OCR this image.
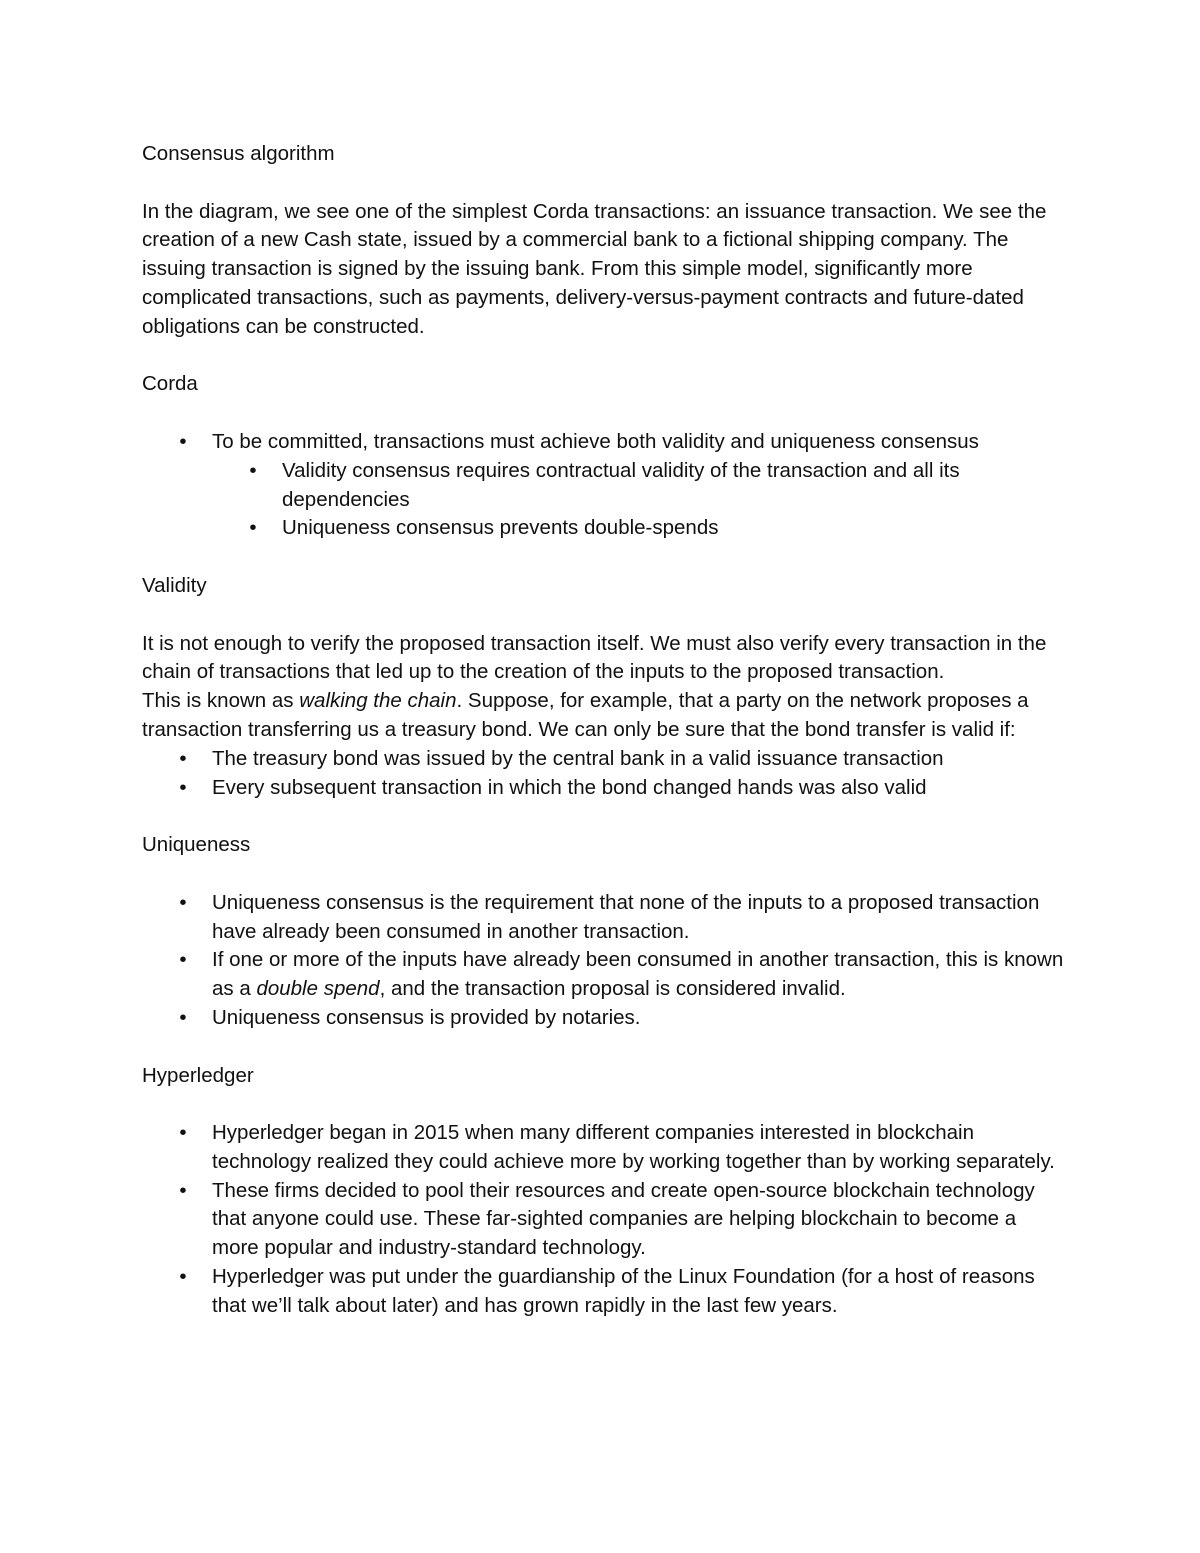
Consensus algorithm

In the diagram, we see one of the simplest Corda transactions: an issuance transaction. We see the creation of a new Cash state, issued by a commercial bank to a fictional shipping company. The issuing transaction is signed by the issuing bank. From this simple model, significantly more complicated transactions, such as payments, delivery-versus-payment contracts and future-dated obligations can be constructed.

Corda

• To be committed, transactions must achieve both validity and uniqueness consensus
• Validity consensus requires contractual validity of the transaction and all its dependencies
• Uniqueness consensus prevents double-spends

Validity

It is not enough to verify the proposed transaction itself. We must also verify every transaction in the chain of transactions that led up to the creation of the inputs to the proposed transaction.

This is known as walking the chain. Suppose, for example, that a party on the network proposes a transaction transferring us a treasury bond. We can only be sure that the bond transfer is valid if:

• The treasury bond was issued by the central bank in a valid issuance transaction
• Every subsequent transaction in which the bond changed hands was also valid

Uniqueness

• Uniqueness consensus is the requirement that none of the inputs to a proposed transaction have already been consumed in another transaction.
• If one or more of the inputs have already been consumed in another transaction, this is known as a double spend, and the transaction proposal is considered invalid.
• Uniqueness consensus is provided by notaries.

Hyperledger

• Hyperledger began in 2015 when many different companies interested in blockchain technology realized they could achieve more by working together than by working separately.
• These firms decided to pool their resources and create open-source blockchain technology that anyone could use. These far-sighted companies are helping blockchain to become a more popular and industry-standard technology.
• Hyperledger was put under the guardianship of the Linux Foundation (for a host of reasons that we’ll talk about later) and has grown rapidly in the last few years.
